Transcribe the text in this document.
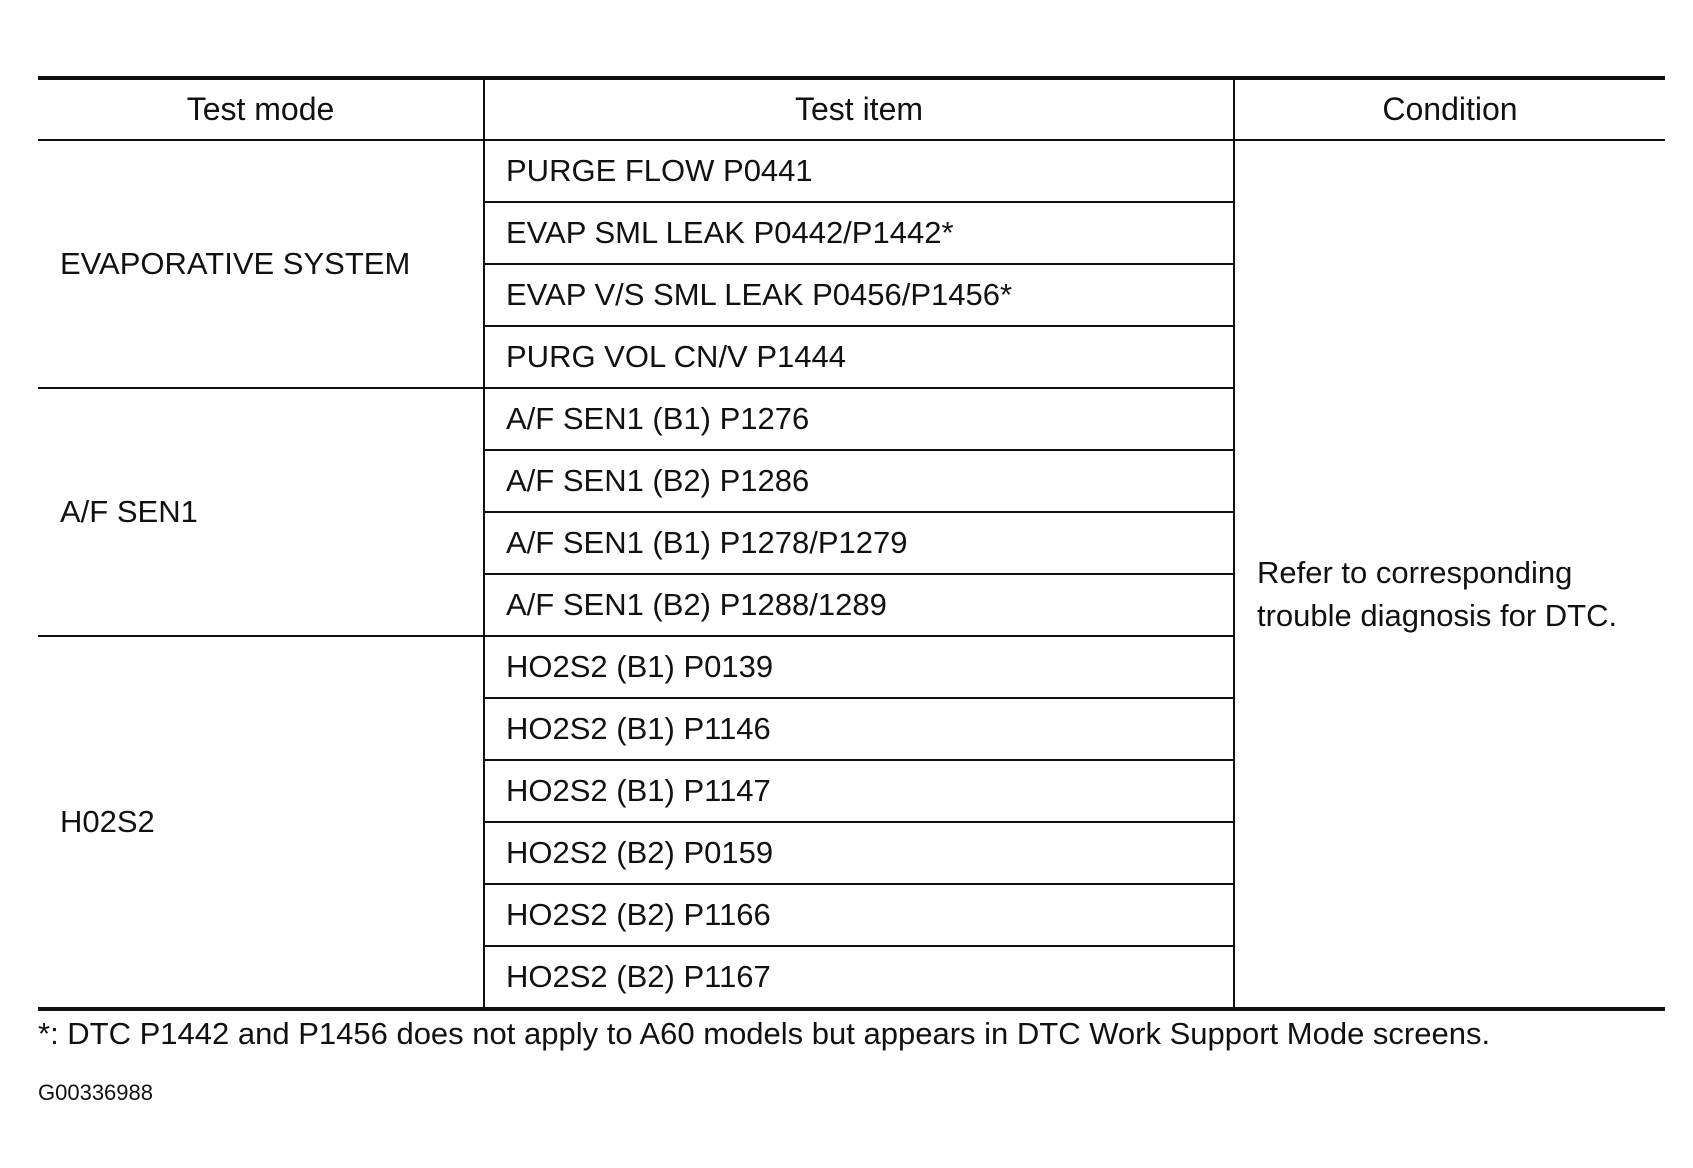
Test mode	Test item	Condition
EVAPORATIVE SYSTEM	PURGE FLOW P0441	Refer to corresponding trouble diagnosis for DTC.
	EVAP SML LEAK P0442/P1442*	
	EVAP V/S SML LEAK P0456/P1456*	
	PURG VOL CN/V P1444	
A/F SEN1	A/F SEN1 (B1) P1276	
	A/F SEN1 (B2) P1286	
	A/F SEN1 (B1) P1278/P1279	
	A/F SEN1 (B2) P1288/1289	
H02S2	HO2S2 (B1) P0139	
	HO2S2 (B1) P1146	
	HO2S2 (B1) P1147	
	HO2S2 (B2) P0159	
	HO2S2 (B2) P1166	
	HO2S2 (B2) P1167	
*: DTC P1442 and P1456 does not apply to A60 models but appears in DTC Work Support Mode screens.
G00336988
